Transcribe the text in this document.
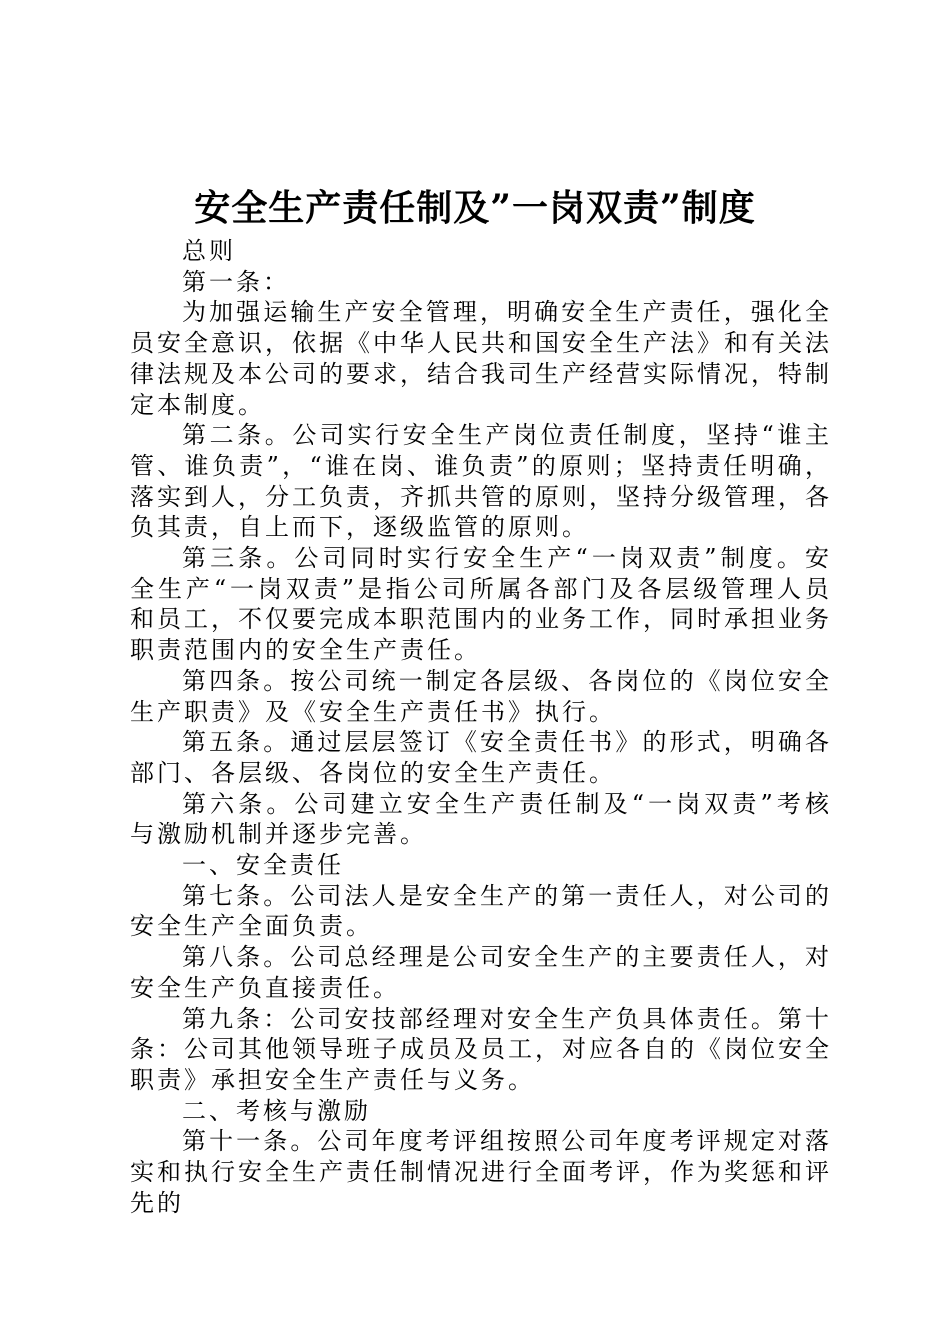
安全生产责任制及”一岗双责”制度

总则

第一条：

为加强运输生产安全管理，明确安全生产责任，强化全员安全意识，依据《中华人民共和国安全生产法》和有关法律法规及本公司的要求，结合我司生产经营实际情况，特制定本制度。

第二条。公司实行安全生产岗位责任制度，坚持“谁主管、谁负责”，“谁在岗、谁负责”的原则；坚持责任明确，落实到人，分工负责，齐抓共管的原则，坚持分级管理，各负其责，自上而下，逐级监管的原则。

第三条。公司同时实行安全生产“一岗双责”制度。安全生产“一岗双责”是指公司所属各部门及各层级管理人员和员工，不仅要完成本职范围内的业务工作，同时承担业务职责范围内的安全生产责任。

第四条。按公司统一制定各层级、各岗位的《岗位安全生产职责》及《安全生产责任书》执行。

第五条。通过层层签订《安全责任书》的形式，明确各部门、各层级、各岗位的安全生产责任。

第六条。公司建立安全生产责任制及“一岗双责”考核与激励机制并逐步完善。

一、安全责任

第七条。公司法人是安全生产的第一责任人，对公司的安全生产全面负责。

第八条。公司总经理是公司安全生产的主要责任人，对安全生产负直接责任。

第九条：公司安技部经理对安全生产负具体责任。第十条：公司其他领导班子成员及员工，对应各自的《岗位安全职责》承担安全生产责任与义务。

二、考核与激励

第十一条。公司年度考评组按照公司年度考评规定对落实和执行安全生产责任制情况进行全面考评，作为奖惩和评先的
